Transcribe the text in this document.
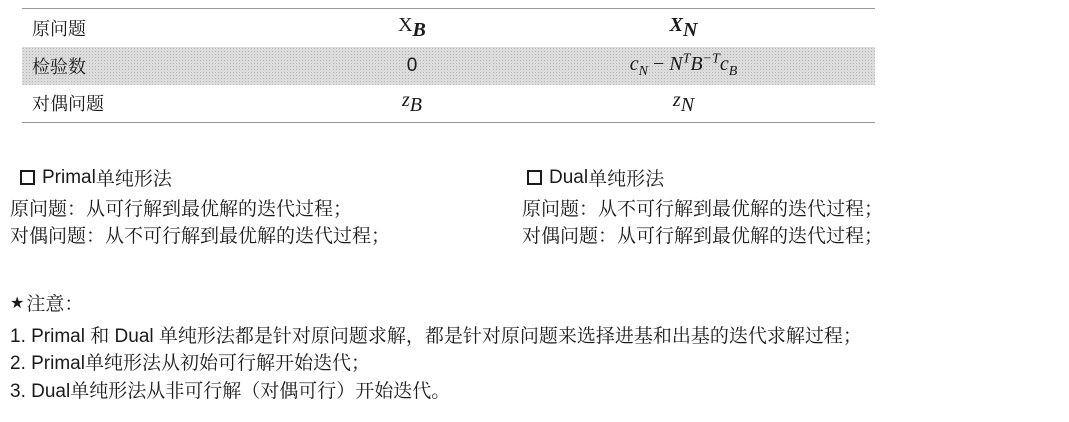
原问题	$X_B$	$X_N$
检验数	0	$c_N - N^TB^{-T}c_B$
对偶问题	$z_B$	$z_N$
Primal 单纯形法
原问题：从可行解到最优解的迭代过程；
对偶问题：从不可行解到最优解的迭代过程；
Dual 单纯形法
原问题：从不可行解到最优解的迭代过程；
对偶问题：从可行解到最优解的迭代过程；
★ 注意：
1. Primal 和 Dual 单纯形法都是针对原问题求解，都是针对原问题来选择进基和出基的迭代求解过程；
2. Primal单纯形法从初始可行解开始迭代；
3. Dual单纯形法从非可行解（对偶可行）开始迭代。
